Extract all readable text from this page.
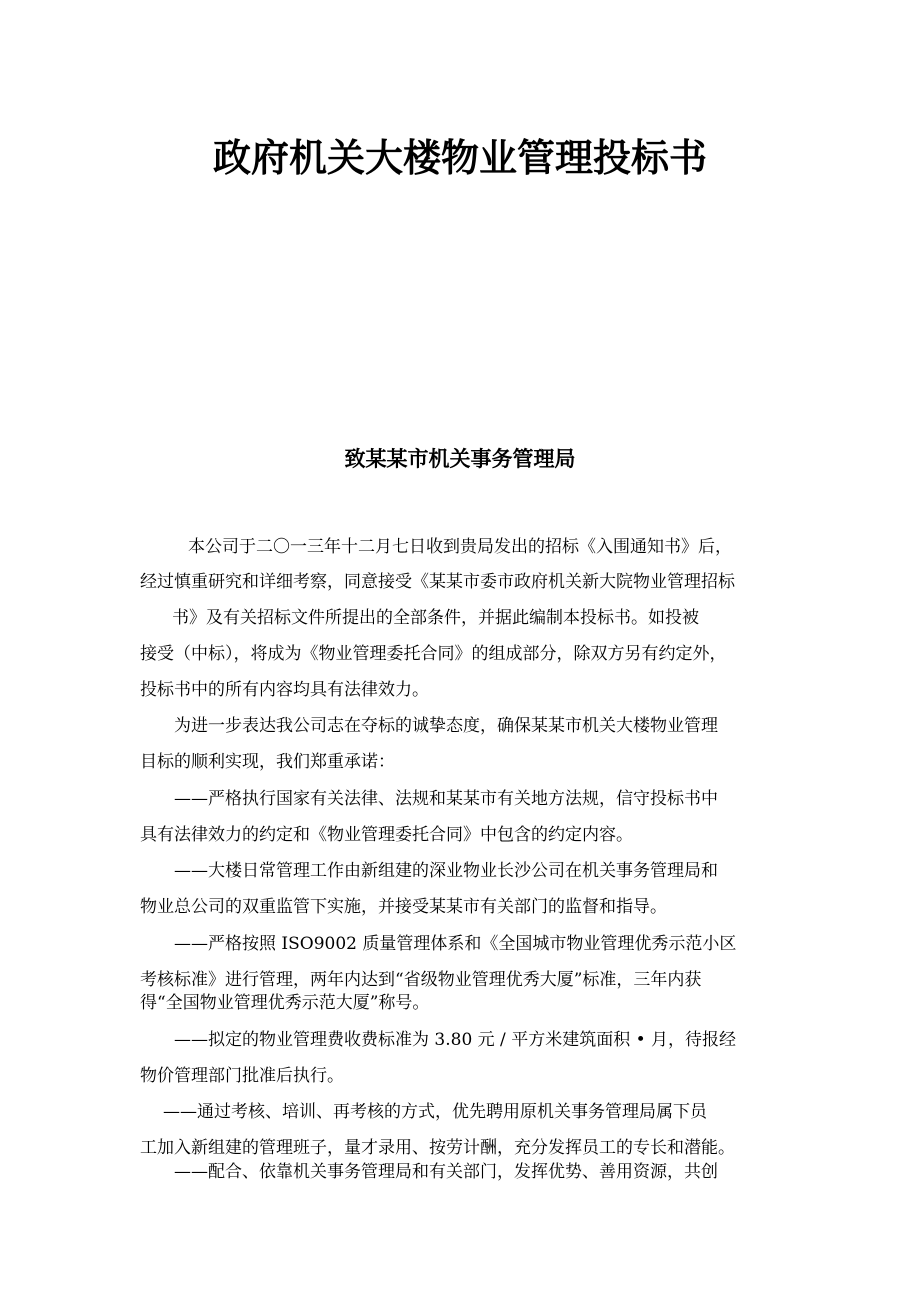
政府机关大楼物业管理投标书
致某某市机关事务管理局
本公司于二〇一三年十二月七日收到贵局发出的招标《入围通知书》后，
经过慎重研究和详细考察，同意接受《某某市委市政府机关新大院物业管理招标
书》及有关招标文件所提出的全部条件，并据此编制本投标书。如投被
接受（中标），将成为《物业管理委托合同》的组成部分，除双方另有约定外，
投标书中的所有内容均具有法律效力。
为进一步表达我公司志在夺标的诚挚态度，确保某某市机关大楼物业管理
目标的顺利实现，我们郑重承诺：
——严格执行国家有关法律、法规和某某市有关地方法规，信守投标书中
具有法律效力的约定和《物业管理委托合同》中包含的约定内容。
——大楼日常管理工作由新组建的深业物业长沙公司在机关事务管理局和
物业总公司的双重监管下实施，并接受某某市有关部门的监督和指导。
——严格按照 ISO9002 质量管理体系和《全国城市物业管理优秀示范小区
考核标准》进行管理，两年内达到“省级物业管理优秀大厦”标准，三年内获
得“全国物业管理优秀示范大厦”称号。
——拟定的物业管理费收费标准为 3.80 元 / 平方米建筑面积 • 月，待报经
物价管理部门批准后执行。
——通过考核、培训、再考核的方式，优先聘用原机关事务管理局属下员
工加入新组建的管理班子，量才录用、按劳计酬，充分发挥员工的专长和潜能。
——配合、依靠机关事务管理局和有关部门，发挥优势、善用资源，共创
